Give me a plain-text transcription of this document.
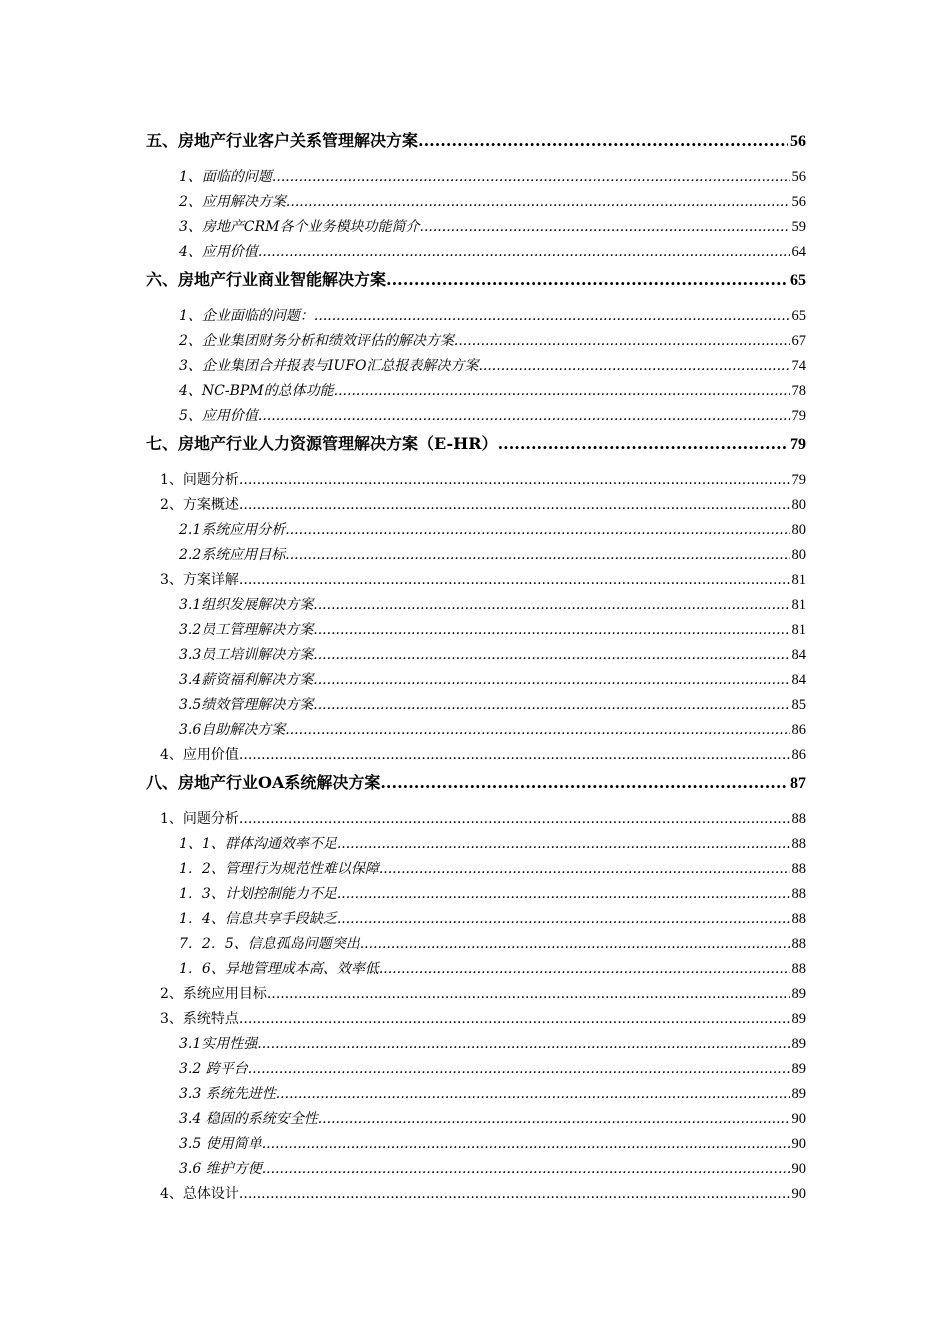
五、房地产行业客户关系管理解决方案 .....	56
1、面临的问题 .....	56
2、应用解决方案 .....	56
3、房地产CRM各个业务模块功能简介 .....	59
4、应用价值 .....	64
六、房地产行业商业智能解决方案 .....	65
1、企业面临的问题： .....	65
2、企业集团财务分析和绩效评估的解决方案 .....	67
3、企业集团合并报表与IUFO汇总报表解决方案 .....	74
4、NC-BPM的总体功能 .....	78
5、应用价值 .....	79
七、房地产行业人力资源管理解决方案（E-HR） .....	79
1、问题分析 .....	79
2、方案概述 .....	80
2.1系统应用分析 .....	80
2.2系统应用目标 .....	80
3、方案详解 .....	81
3.1组织发展解决方案 .....	81
3.2员工管理解决方案 .....	81
3.3员工培训解决方案 .....	84
3.4薪资福利解决方案 .....	84
3.5绩效管理解决方案 .....	85
3.6自助解决方案 .....	86
4、应用价值 .....	86
八、房地产行业OA系统解决方案 .....	87
1、问题分析 .....	88
1、1、群体沟通效率不足 .....	88
1．2、管理行为规范性难以保障 .....	88
1．3、计划控制能力不足 .....	88
1．4、信息共享手段缺乏 .....	88
7．2．5、信息孤岛问题突出 .....	88
1．6、异地管理成本高、效率低 .....	88
2、系统应用目标 .....	89
3、系统特点 .....	89
3.1实用性强 .....	89
3.2 跨平台 .....	89
3.3 系统先进性 .....	89
3.4 稳固的系统安全性 .....	90
3.5 使用简单 .....	90
3.6 维护方便 .....	90
4、总体设计 .....	90
